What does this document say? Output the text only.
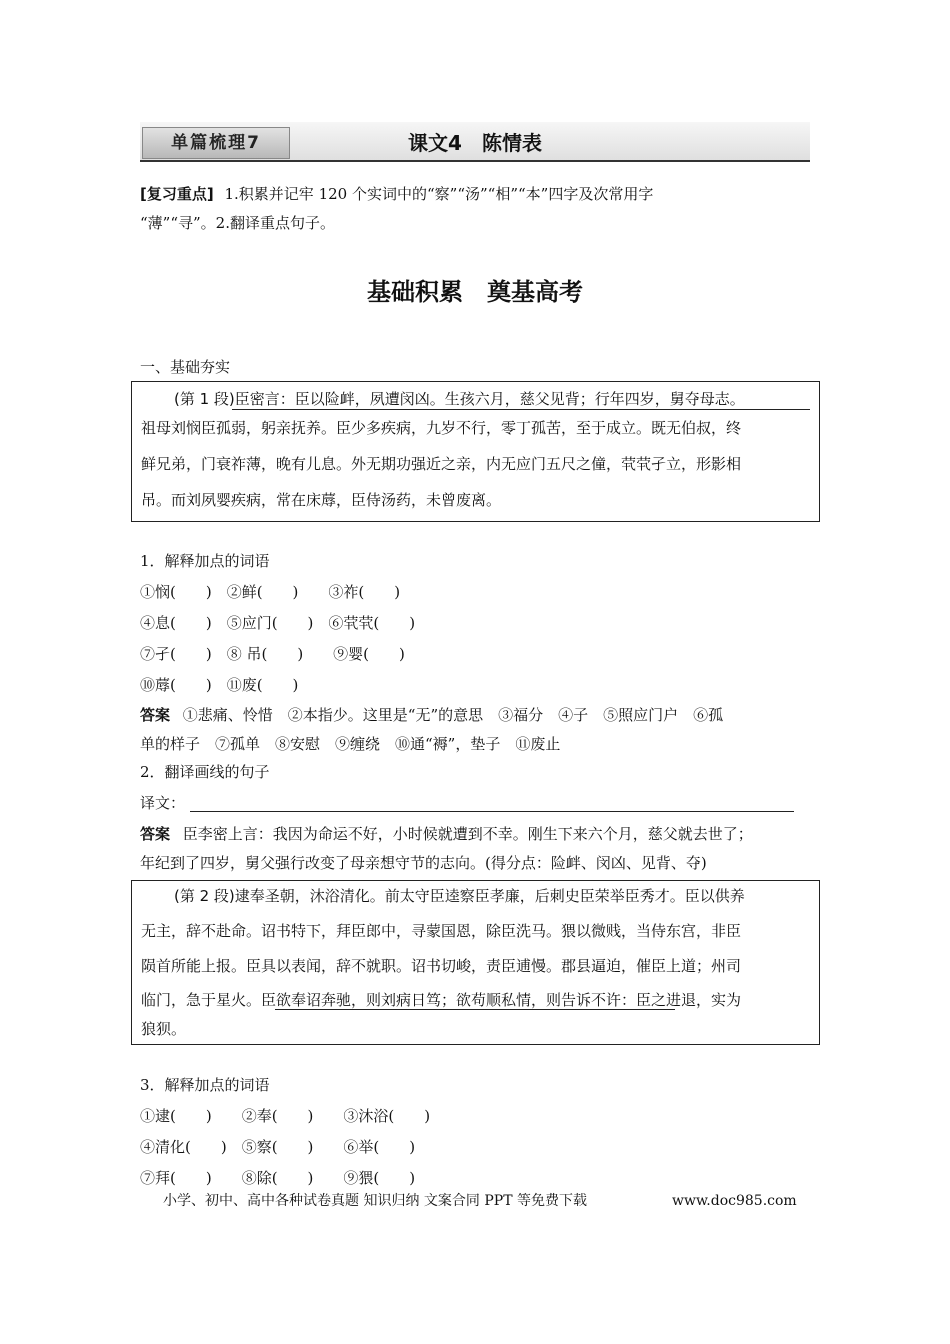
单篇梳理7	课文4　陈情表
[复习重点] 1.积累并记牢 120 个实词中的“察”“汤”“相”“本”四字及次常用字
“薄”“寻”。2.翻译重点句子。
基础积累　奠基高考
一、基础夯实
(第 1 段)臣密言：臣以险衅，夙遭闵凶。生孩六月，慈父见背；行年四岁，舅夺母志。
祖母刘悯臣孤弱，躬亲抚养。臣少多疾病，九岁不行，零丁孤苦，至于成立。既无伯叔，终
鲜兄弟，门衰祚薄，晚有儿息。外无期功强近之亲，内无应门五尺之僮，茕茕孑立，形影相
吊。而刘夙婴疾病，常在床蓐，臣侍汤药，未曾废离。
1．解释加点的词语
①悯(　　)　②鲜(　　)　　③祚(　　)
④息(　　)　⑤应门(　　)　⑥茕茕(　　)
⑦孑(　　)　⑧ 吊(　　)　　⑨婴(　　)
⑩蓐(　　)　⑪废(　　)
答案 ①悲痛、怜惜　②本指少。这里是“无”的意思　③福分　④子　⑤照应门户　⑥孤
单的样子　⑦孤单　⑧安慰　⑨缠绕　⑩通“褥”，垫子　⑪废止
2．翻译画线的句子
译文：
答案 臣李密上言：我因为命运不好，小时候就遭到不幸。刚生下来六个月，慈父就去世了；
年纪到了四岁，舅父强行改变了母亲想守节的志向。(得分点：险衅、闵凶、见背、夺)
(第 2 段)逮奉圣朝，沐浴清化。前太守臣逵察臣孝廉，后刺史臣荣举臣秀才。臣以供养
无主，辞不赴命。诏书特下，拜臣郎中，寻蒙国恩，除臣洗马。猥以微贱，当侍东宫，非臣
陨首所能上报。臣具以表闻，辞不就职。诏书切峻，责臣逋慢。郡县逼迫，催臣上道；州司
临门，急于星火。臣欲奉诏奔驰，则刘病日笃；欲苟顺私情，则告诉不许：臣之进退，实为
狼狈。
3．解释加点的词语
①逮(　　)　　②奉(　　)　　③沐浴(　　)
④清化(　　)　⑤察(　　)　　⑥举(　　)
⑦拜(　　)　　⑧除(　　)　　⑨猥(　　)
小学、初中、高中各种试卷真题 知识归纳 文案合同 PPT 等免费下载	www.doc985.com
